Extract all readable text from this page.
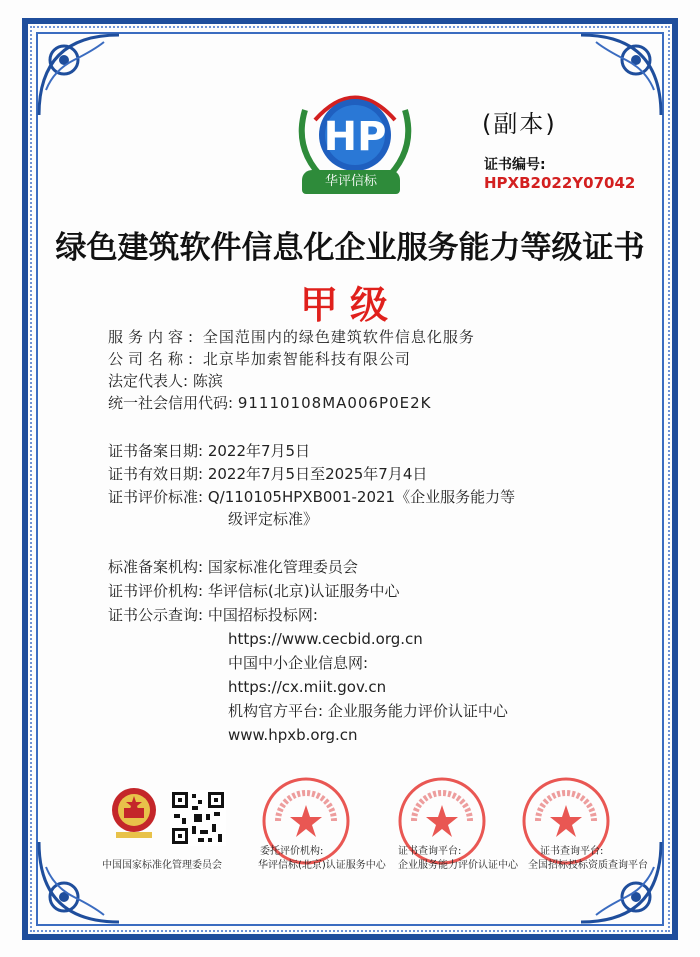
HP
华评信标
(副本)
证书编号:
HPXB2022Y07042
绿色建筑软件信息化企业服务能力等级证书
甲级
服务内容: 全国范围内的绿色建筑软件信息化服务
公司名称: 北京毕加索智能科技有限公司
法定代表人: 陈滨
统一社会信用代码: 91110108MA006P0E2K
证书备案日期: 2022年7月5日
证书有效日期: 2022年7月5日至2025年7月4日
证书评价标准: Q/110105HPXB001-2021《企业服务能力等
级评定标准》
标准备案机构: 国家标准化管理委员会
证书评价机构: 华评信标(北京)认证服务中心
证书公示查询: 中国招标投标网:
https://www.cecbid.org.cn
中国中小企业信息网:
https://cx.miit.gov.cn
机构官方平台: 企业服务能力评价认证中心
www.hpxb.org.cn
中国国家标准化管理委员会
委托评价机构:
华评信标(北京)认证服务中心
证书查询平台:
企业服务能力评价认证中心
证书查询平台:
全国招标投标资质查询平台
